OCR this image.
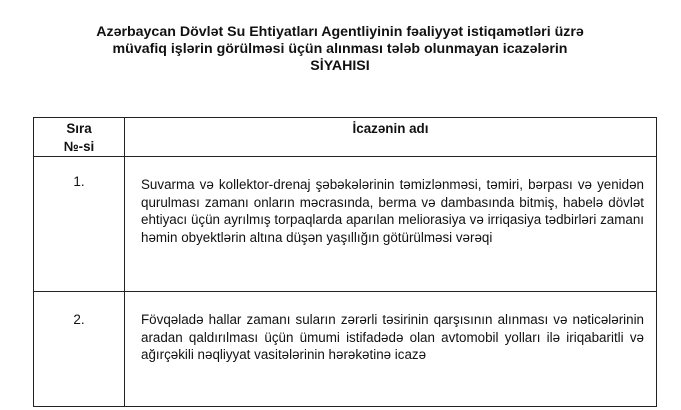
Azərbaycan Dövlət Su Ehtiyatları Agentliyinin fəaliyyət istiqamətləri üzrə
müvafiq işlərin görülməsi üçün alınması tələb olunmayan icazələrin
SİYAHISI
Sıra
№-si	İcazənin adı
1.	Suvarma və kollektor-drenaj şəbəkələrinin təmizlənməsi, təmiri, bərpası və yenidən qurulması zamanı onların məcrasında, berma və dambasında bitmiş, habelə dövlət ehtiyacı üçün ayrılmış torpaqlarda aparılan meliorasiya və irriqasiya tədbirləri zamanı həmin obyektlərin altına düşən yaşıllığın götürülməsi vərəqi
2.	Fövqəladə hallar zamanı suların zərərli təsirinin qarşısının alınması və nəticələrinin aradan qaldırılması üçün ümumi istifadədə olan avtomobil yolları ilə iriqabaritli və ağırçəkili nəqliyyat vasitələrinin hərəkətinə icazə
